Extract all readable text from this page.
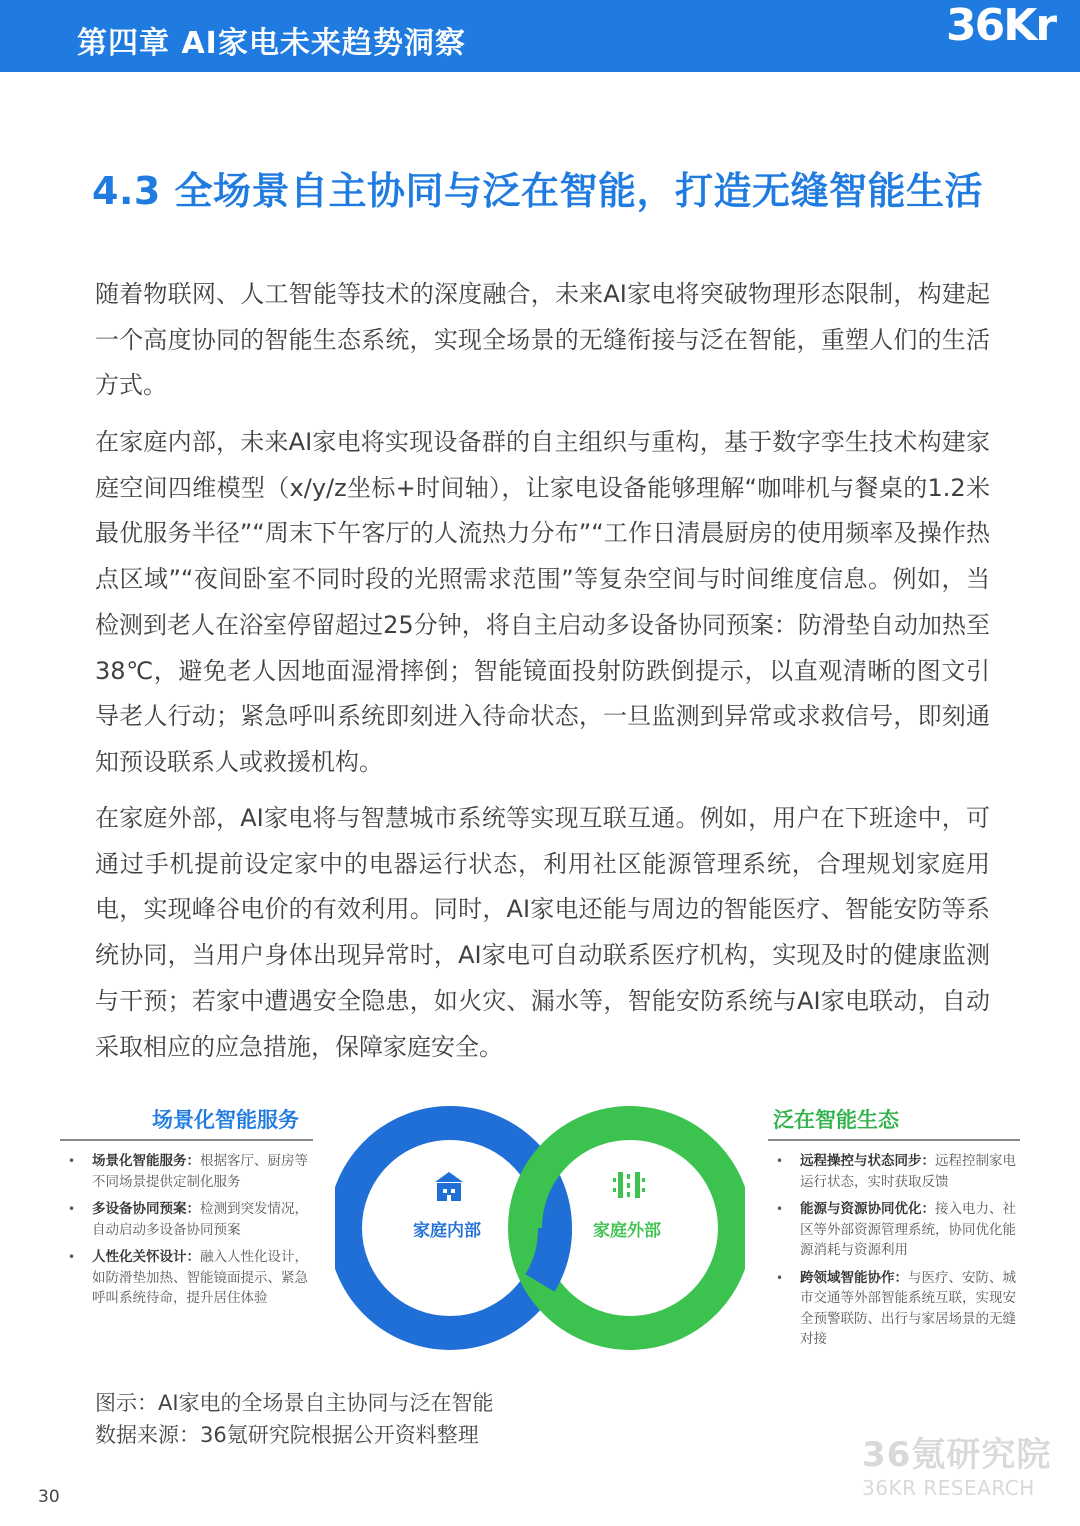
第四章 AI家电未来趋势洞察	36Kr
4.3 全场景自主协同与泛在智能，打造无缝智能生活

随着物联网、人工智能等技术的深度融合，未来AI家电将突破物理形态限制，构建起一个高度协同的智能生态系统，实现全场景的无缝衔接与泛在智能，重塑人们的生活方式。

在家庭内部，未来AI家电将实现设备群的自主组织与重构，基于数字孪生技术构建家庭空间四维模型（x/y/z坐标+时间轴），让家电设备能够理解“咖啡机与餐桌的1.2米最优服务半径”“周末下午客厅的人流热力分布”“工作日清晨厨房的使用频率及操作热点区域”“夜间卧室不同时段的光照需求范围”等复杂空间与时间维度信息。例如，当检测到老人在浴室停留超过25分钟，将自主启动多设备协同预案：防滑垫自动加热至38℃，避免老人因地面湿滑摔倒；智能镜面投射防跌倒提示，以直观清晰的图文引导老人行动；紧急呼叫系统即刻进入待命状态，一旦监测到异常或求救信号，即刻通知预设联系人或救援机构。

在家庭外部，AI家电将与智慧城市系统等实现互联互通。例如，用户在下班途中，可通过手机提前设定家中的电器运行状态，利用社区能源管理系统，合理规划家庭用电，实现峰谷电价的有效利用。同时，AI家电还能与周边的智能医疗、智能安防等系统协同，当用户身体出现异常时，AI家电可自动联系医疗机构，实现及时的健康监测与干预；若家中遭遇安全隐患，如火灾、漏水等，智能安防系统与AI家电联动，自动采取相应的应急措施，保障家庭安全。

场景化智能服务
• 场景化智能服务：根据客厅、厨房等不同场景提供定制化服务
• 多设备协同预案：检测到突发情况，自动启动多设备协同预案
• 人性化关怀设计：融入人性化设计，如防滑垫加热、智能镜面提示、紧急呼叫系统待命，提升居住体验
家庭内部	家庭外部
泛在智能生态
• 远程操控与状态同步：远程控制家电运行状态，实时获取反馈
• 能源与资源协同优化：接入电力、社区等外部资源管理系统，协同优化能源消耗与资源利用
• 跨领域智能协作：与医疗、安防、城市交通等外部智能系统互联，实现安全预警联防、出行与家居场景的无缝对接
图示：AI家电的全场景自主协同与泛在智能
数据来源：36氪研究院根据公开资料整理	36氪研究院
36KR RESEARCH
30
